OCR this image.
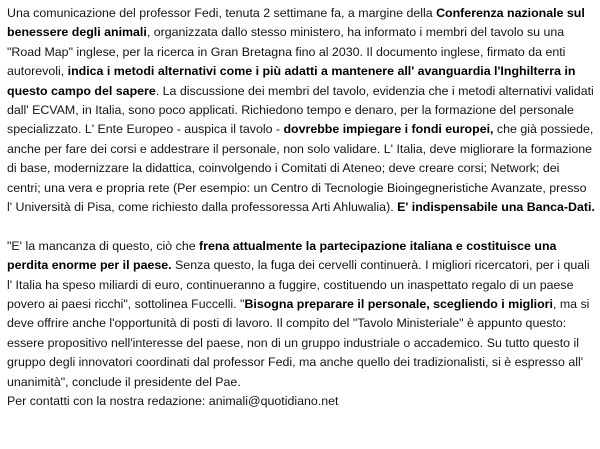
Una comunicazione del professor Fedi, tenuta 2 settimane fa, a margine della Conferenza nazionale sul benessere degli animali, organizzata dallo stesso ministero, ha informato i membri del tavolo su una "Road Map" inglese, per la ricerca in Gran Bretagna fino al 2030. Il documento inglese, firmato da enti autorevoli, indica i metodi alternativi come i più adatti a mantenere all' avanguardia l'Inghilterra in questo campo del sapere. La discussione dei membri del tavolo, evidenzia che i metodi alternativi validati dall' ECVAM, in Italia, sono poco applicati. Richiedono tempo e denaro, per la formazione del personale specializzato. L' Ente Europeo - auspica il tavolo - dovrebbe impiegare i fondi europei, che già possiede, anche per fare dei corsi e addestrare il personale, non solo validare. L' Italia, deve migliorare la formazione di base, modernizzare la didattica, coinvolgendo i Comitati di Ateneo; deve creare corsi; Network; dei centri; una vera e propria rete (Per esempio: un Centro di Tecnologie Bioingegneristiche Avanzate, presso l' Università di Pisa, come richiesto dalla professoressa Arti Ahluwalia). E' indispensabile una Banca-Dati.

"E' la mancanza di questo, ciò che frena attualmente la partecipazione italiana e costituisce una perdita enorme per il paese. Senza questo, la fuga dei cervelli continuerà. I migliori ricercatori, per i quali l' Italia ha speso miliardi di euro, continueranno a fuggire, costituendo un inaspettato regalo di un paese povero ai paesi ricchi", sottolinea Fuccelli. "Bisogna preparare il personale, scegliendo i migliori, ma si deve offrire anche l'opportunità di posti di lavoro. Il compito del "Tavolo Ministeriale" è appunto questo: essere propositivo nell'interesse del paese, non di un gruppo industriale o accademico. Su tutto questo il gruppo degli innovatori coordinati dal professor Fedi, ma anche quello dei tradizionalisti, si è espresso all' unanimità", conclude il presidente del Pae.

Per contatti con la nostra redazione: animali@quotidiano.net
